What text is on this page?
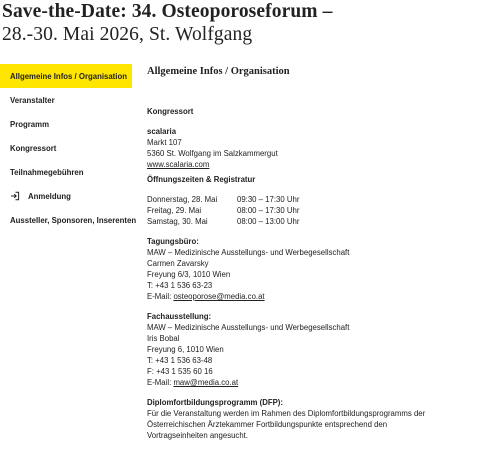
Save-the-Date: 34. Osteoporoseforum –
28.-30. Mai 2026, St. Wolfgang
Allgemeine Infos / Organisation
Veranstalter
Programm
Kongressort
Teilnahmegebühren
Anmeldung
Aussteller, Sponsoren, Inserenten
Allgemeine Infos / Organisation
Kongressort
scalaria
Markt 107
5360 St. Wolfgang im Salzkammergut
www.scalaria.com
Öffnungszeiten & Registratur
Donnerstag, 28. Mai	09:30 – 17:30 Uhr
Freitag, 29. Mai	08:00 – 17:30 Uhr
Samstag, 30. Mai	08:00 – 13:00 Uhr
Tagungsbüro:
MAW – Medizinische Ausstellungs- und Werbegesellschaft
Carmen Zavarsky
Freyung 6/3, 1010 Wien
T: +43 1 536 63-23
E-Mail: osteoporose@media.co.at
Fachausstellung:
MAW – Medizinische Ausstellungs- und Werbegesellschaft
Iris Bobal
Freyung 6, 1010 Wien
T: +43 1 536 63-48
F: +43 1 535 60 16
E-Mail: maw@media.co.at
Diplomfortbildungsprogramm (DFP):
Für die Veranstaltung werden im Rahmen des Diplomfortbildungsprogramms der
Österreichischen Ärztekammer Fortbildungspunkte entsprechend den
Vortragseinheiten angesucht.
